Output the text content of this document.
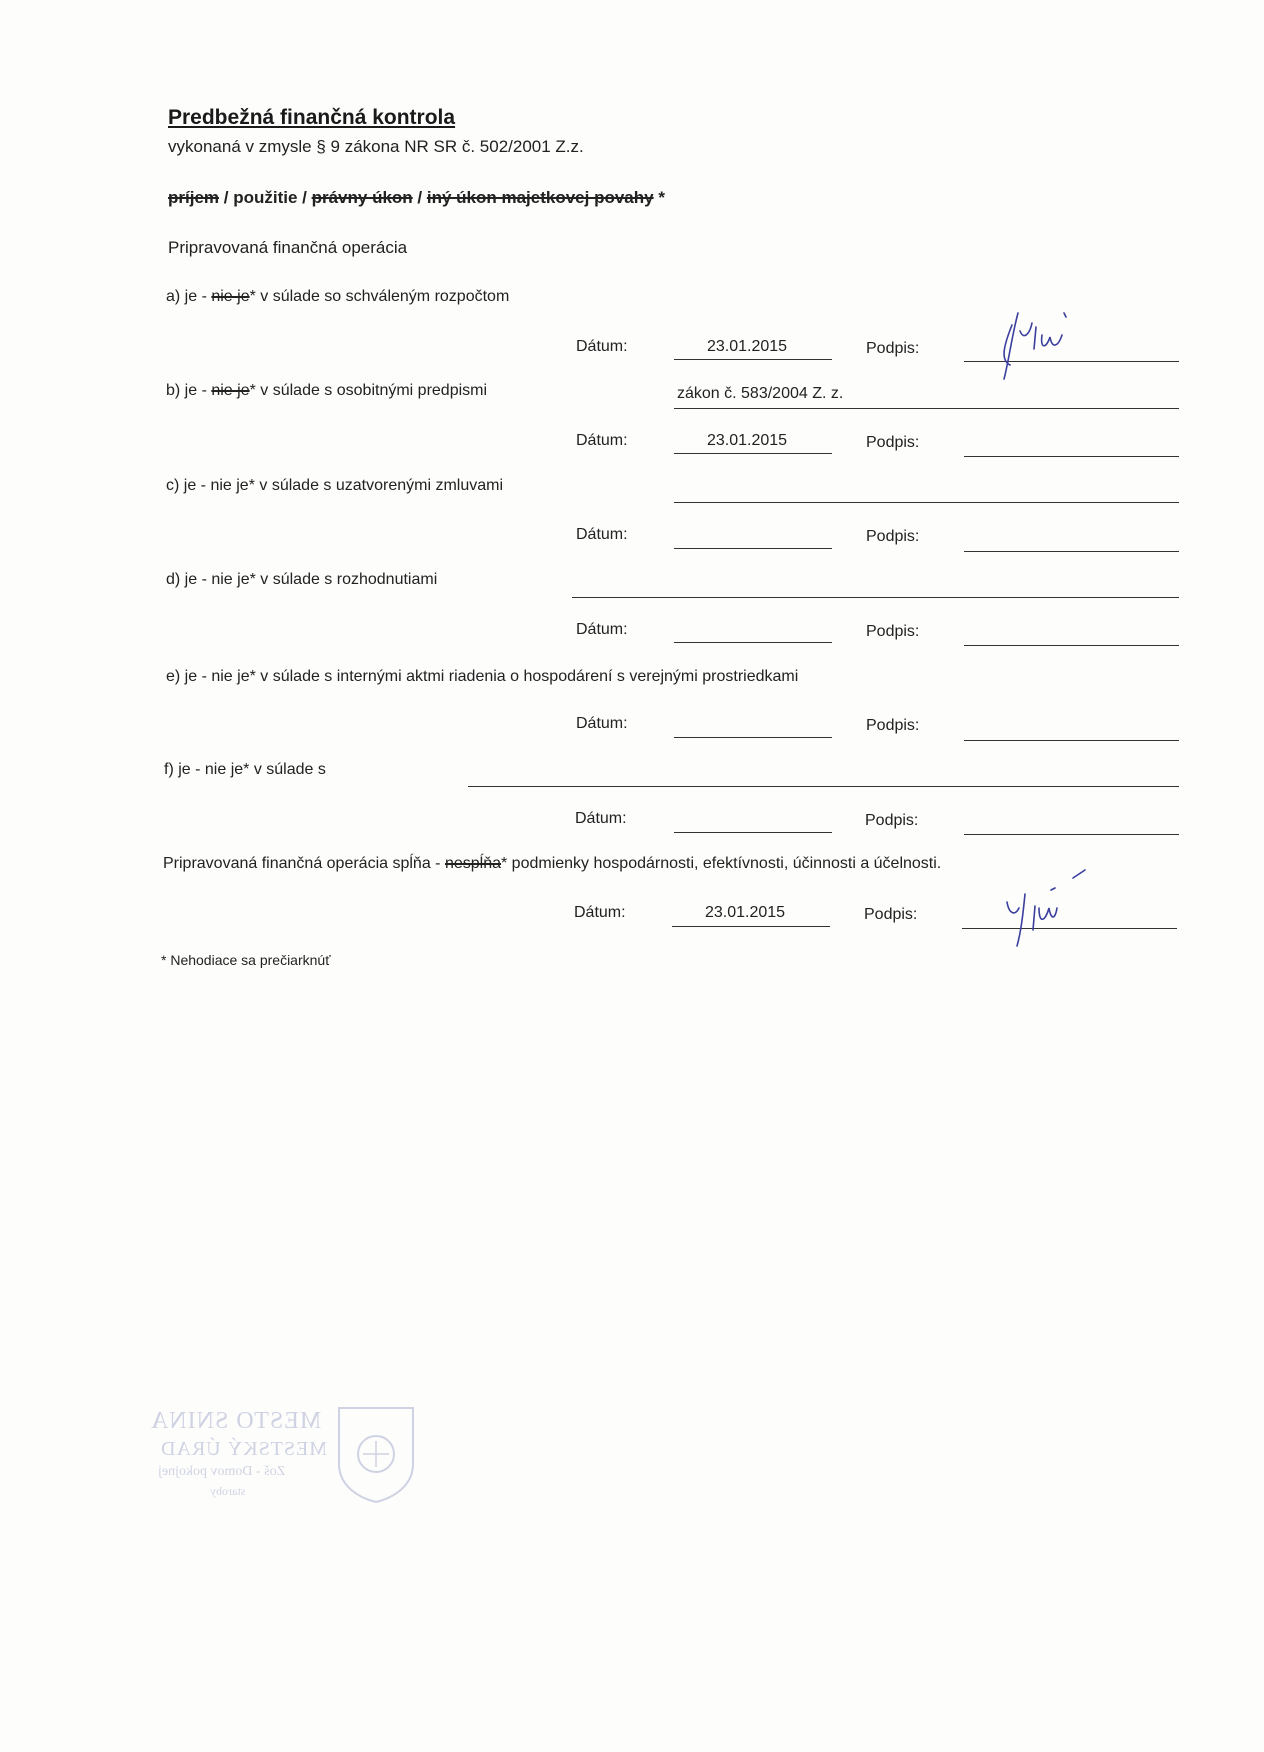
Predbežná finančná kontrola
vykonaná v zmysle § 9 zákona NR SR č. 502/2001 Z.z.
príjem / použitie / právny úkon / iný úkon majetkovej povahy *
Pripravovaná finančná operácia
a) je - nie je* v súlade so schváleným rozpočtom
Dátum:	23.01.2015	Podpis:
b) je - nie je* v súlade s osobitnými predpismi	zákon č. 583/2004 Z. z.
Dátum:	23.01.2015	Podpis:
c) je - nie je* v súlade s uzatvorenými zmluvami
Dátum:	Podpis:
d) je - nie je* v súlade s rozhodnutiami
Dátum:	Podpis:
e) je - nie je* v súlade s internými aktmi riadenia o hospodárení s verejnými prostriedkami
Dátum:	Podpis:
f) je - nie je* v súlade s
Dátum:	Podpis:
Pripravovaná finančná operácia spĺňa - nespĺňa* podmienky hospodárnosti, efektívnosti, účinnosti a účelnosti.
Dátum:	23.01.2015	Podpis:
* Nehodiace sa prečiarknúť
MESTO SNINA
MESTSKÝ ÚRAD
Zoš - Domov pokojnej
staroby
